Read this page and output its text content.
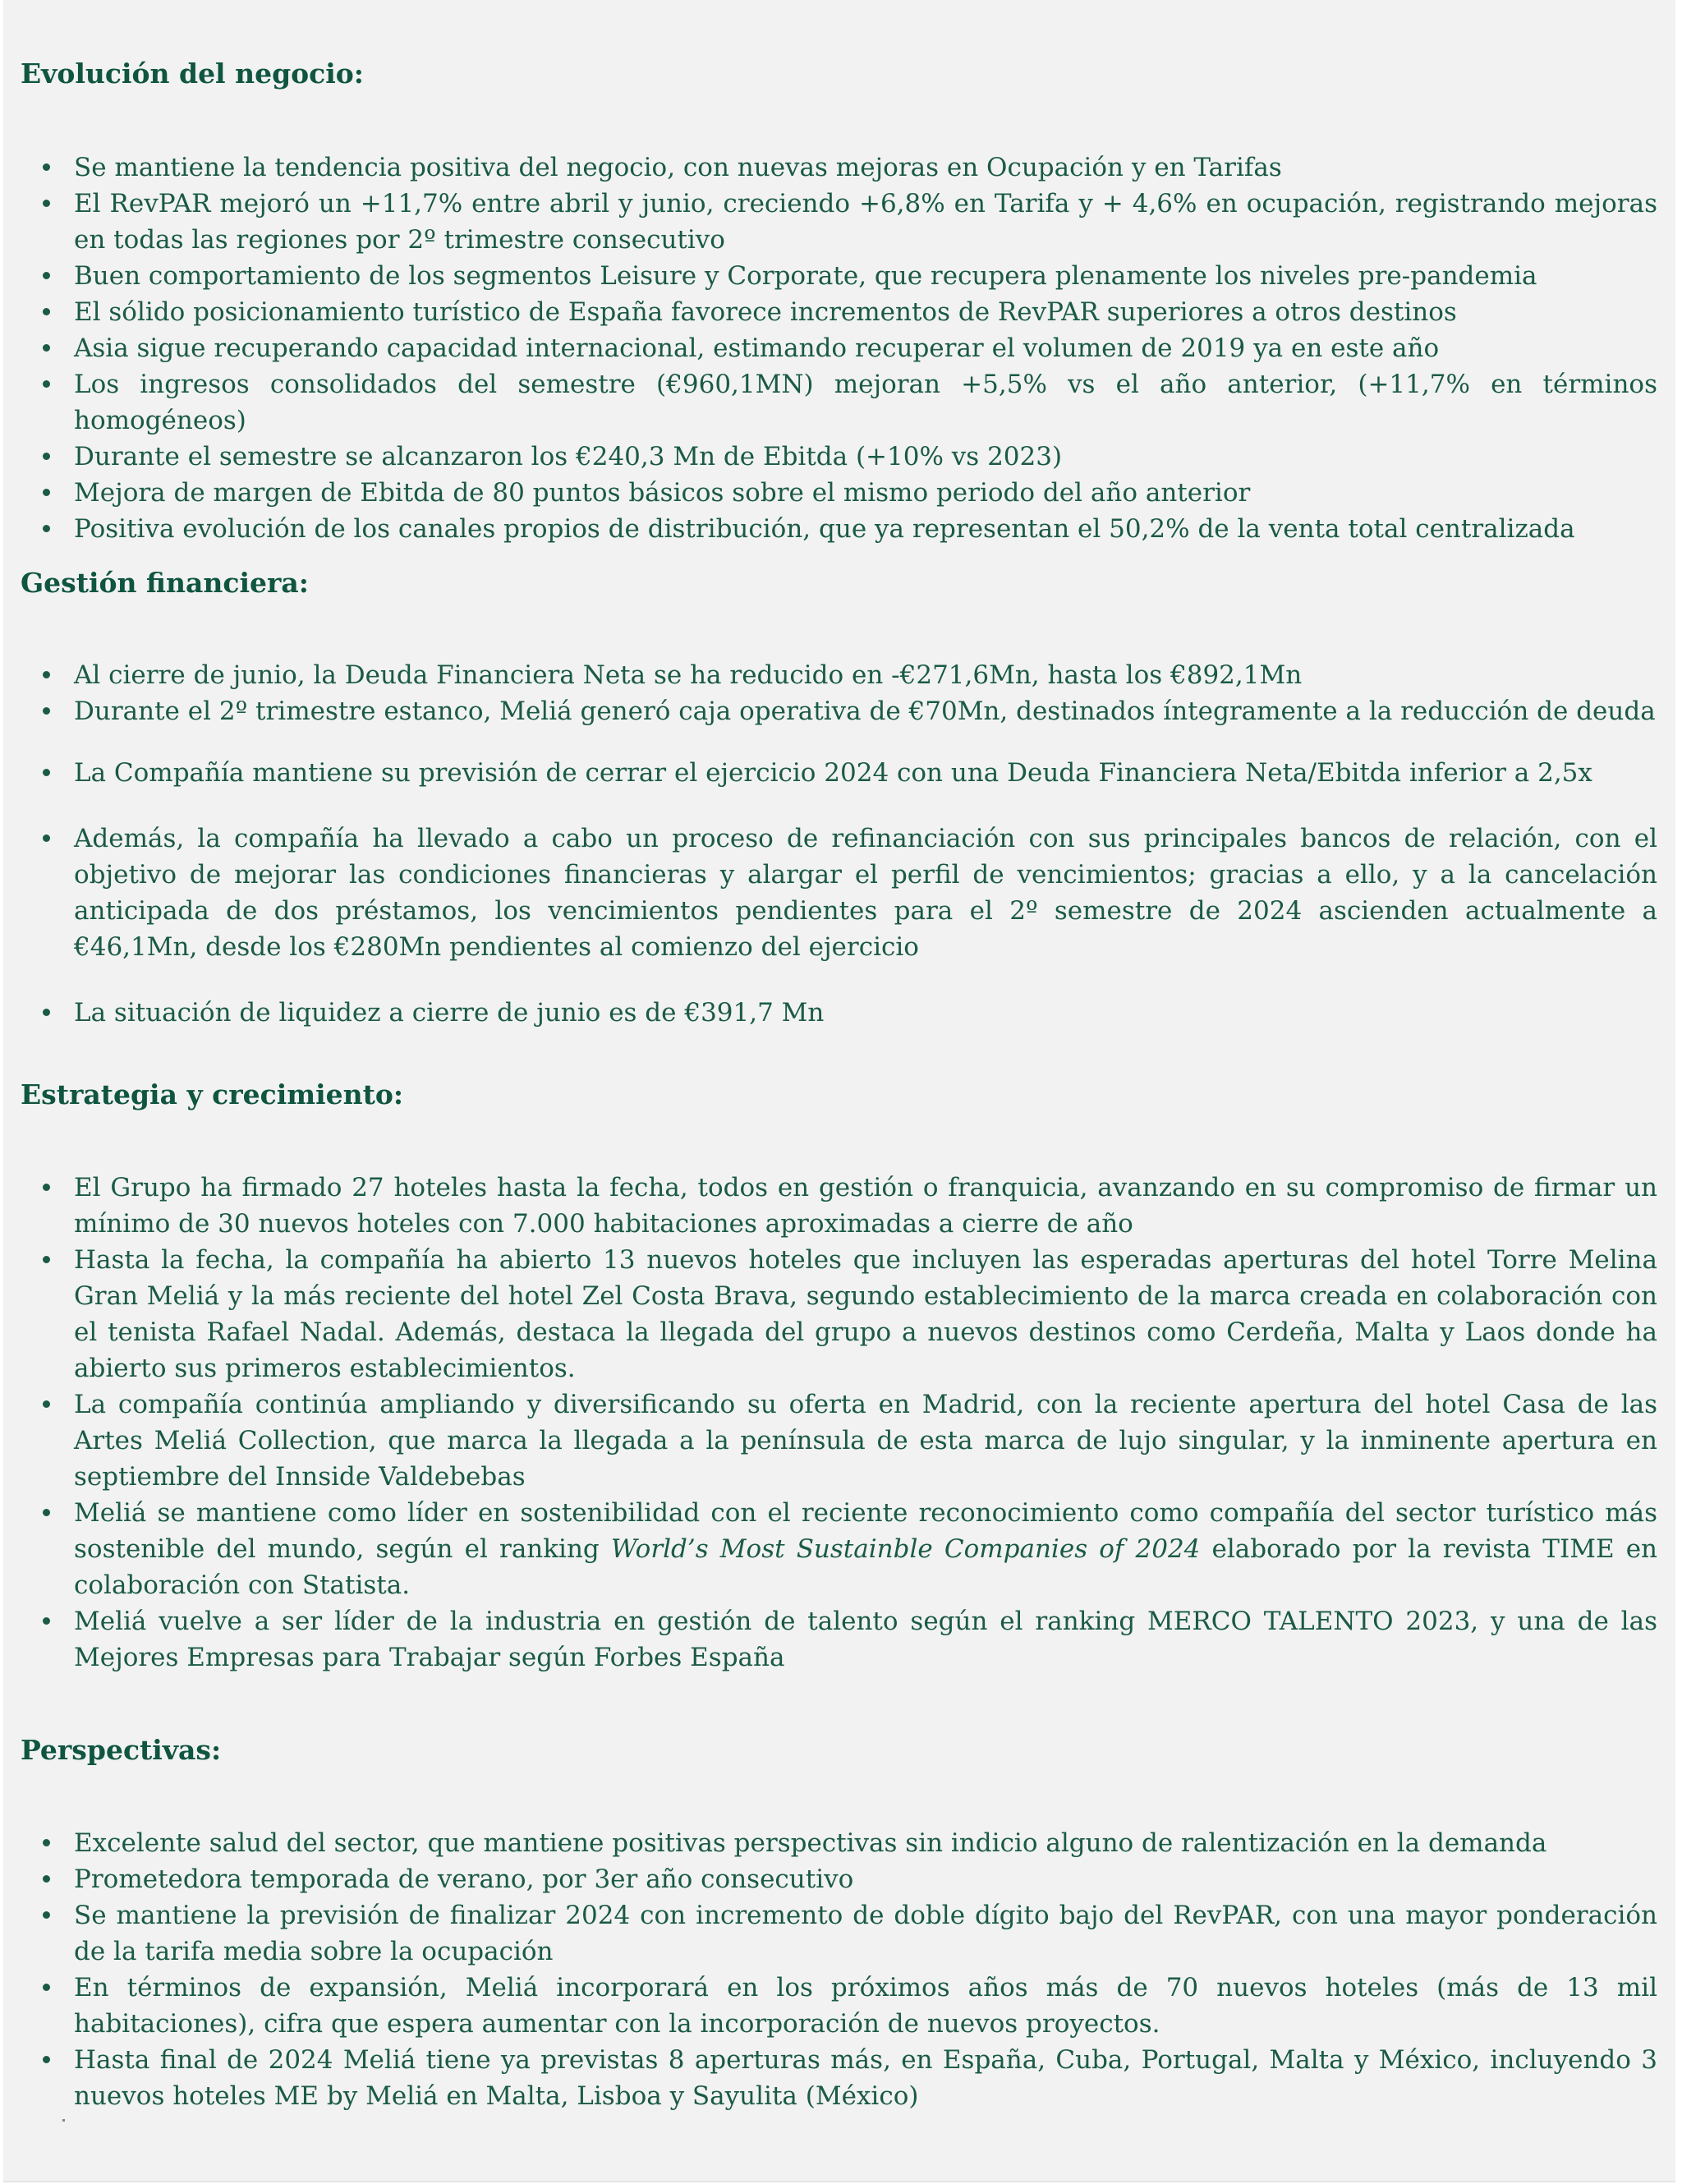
Evolución del negocio:
Se mantiene la tendencia positiva del negocio, con nuevas mejoras en Ocupación y en Tarifas
El RevPAR mejoró un +11,7% entre abril y junio, creciendo +6,8% en Tarifa y + 4,6% en ocupación, registrando mejoras en todas las regiones por 2º trimestre consecutivo
Buen comportamiento de los segmentos Leisure y Corporate, que recupera plenamente los niveles pre-pandemia
El sólido posicionamiento turístico de España favorece incrementos de RevPAR superiores a otros destinos
Asia sigue recuperando capacidad internacional, estimando recuperar el volumen de 2019 ya en este año
Los ingresos consolidados del semestre (€960,1MN) mejoran +5,5% vs el año anterior, (+11,7% en términos homogéneos)
Durante el semestre se alcanzaron los €240,3 Mn de Ebitda (+10% vs 2023)
Mejora de margen de Ebitda de 80 puntos básicos sobre el mismo periodo del año anterior
Positiva evolución de los canales propios de distribución, que ya representan el 50,2% de la venta total centralizada
Gestión financiera:
Al cierre de junio, la Deuda Financiera Neta se ha reducido en -€271,6Mn, hasta los €892,1Mn
Durante el 2º trimestre estanco, Meliá generó caja operativa de €70Mn, destinados íntegramente a la reducción de deuda
La Compañía mantiene su previsión de cerrar el ejercicio 2024 con una Deuda Financiera Neta/Ebitda inferior a 2,5x
Además, la compañía ha llevado a cabo un proceso de refinanciación con sus principales bancos de relación, con el objetivo de mejorar las condiciones financieras y alargar el perfil de vencimientos; gracias a ello, y a la cancelación anticipada de dos préstamos, los vencimientos pendientes para el 2º semestre de 2024 ascienden actualmente a €46,1Mn, desde los €280Mn pendientes al comienzo del ejercicio
La situación de liquidez a cierre de junio es de €391,7 Mn
Estrategia y crecimiento:
El Grupo ha firmado 27 hoteles hasta la fecha, todos en gestión o franquicia, avanzando en su compromiso de firmar un mínimo de 30 nuevos hoteles con 7.000 habitaciones aproximadas a cierre de año
Hasta la fecha, la compañía ha abierto 13 nuevos hoteles que incluyen las esperadas aperturas del hotel Torre Melina Gran Meliá y la más reciente del hotel Zel Costa Brava, segundo establecimiento de la marca creada en colaboración con el tenista Rafael Nadal. Además, destaca la llegada del grupo a nuevos destinos como Cerdeña, Malta y Laos donde ha abierto sus primeros establecimientos.
La compañía continúa ampliando y diversificando su oferta en Madrid, con la reciente apertura del hotel Casa de las Artes Meliá Collection, que marca la llegada a la península de esta marca de lujo singular, y la inminente apertura en septiembre del Innside Valdebebas
Meliá se mantiene como líder en sostenibilidad con el reciente reconocimiento como compañía del sector turístico más sostenible del mundo, según el ranking World’s Most Sustainble Companies of 2024 elaborado por la revista TIME en colaboración con Statista.
Meliá vuelve a ser líder de la industria en gestión de talento según el ranking MERCO TALENTO 2023, y una de las Mejores Empresas para Trabajar según Forbes España
Perspectivas:
Excelente salud del sector, que mantiene positivas perspectivas sin indicio alguno de ralentización en la demanda
Prometedora temporada de verano, por 3er año consecutivo
Se mantiene la previsión de finalizar 2024 con incremento de doble dígito bajo del RevPAR, con una mayor ponderación de la tarifa media sobre la ocupación
En términos de expansión, Meliá incorporará en los próximos años más de 70 nuevos hoteles (más de 13 mil habitaciones), cifra que espera aumentar con la incorporación de nuevos proyectos.
Hasta final de 2024 Meliá tiene ya previstas 8 aperturas más, en España, Cuba, Portugal, Malta y México, incluyendo 3 nuevos hoteles ME by Meliá en Malta, Lisboa y Sayulita (México)
